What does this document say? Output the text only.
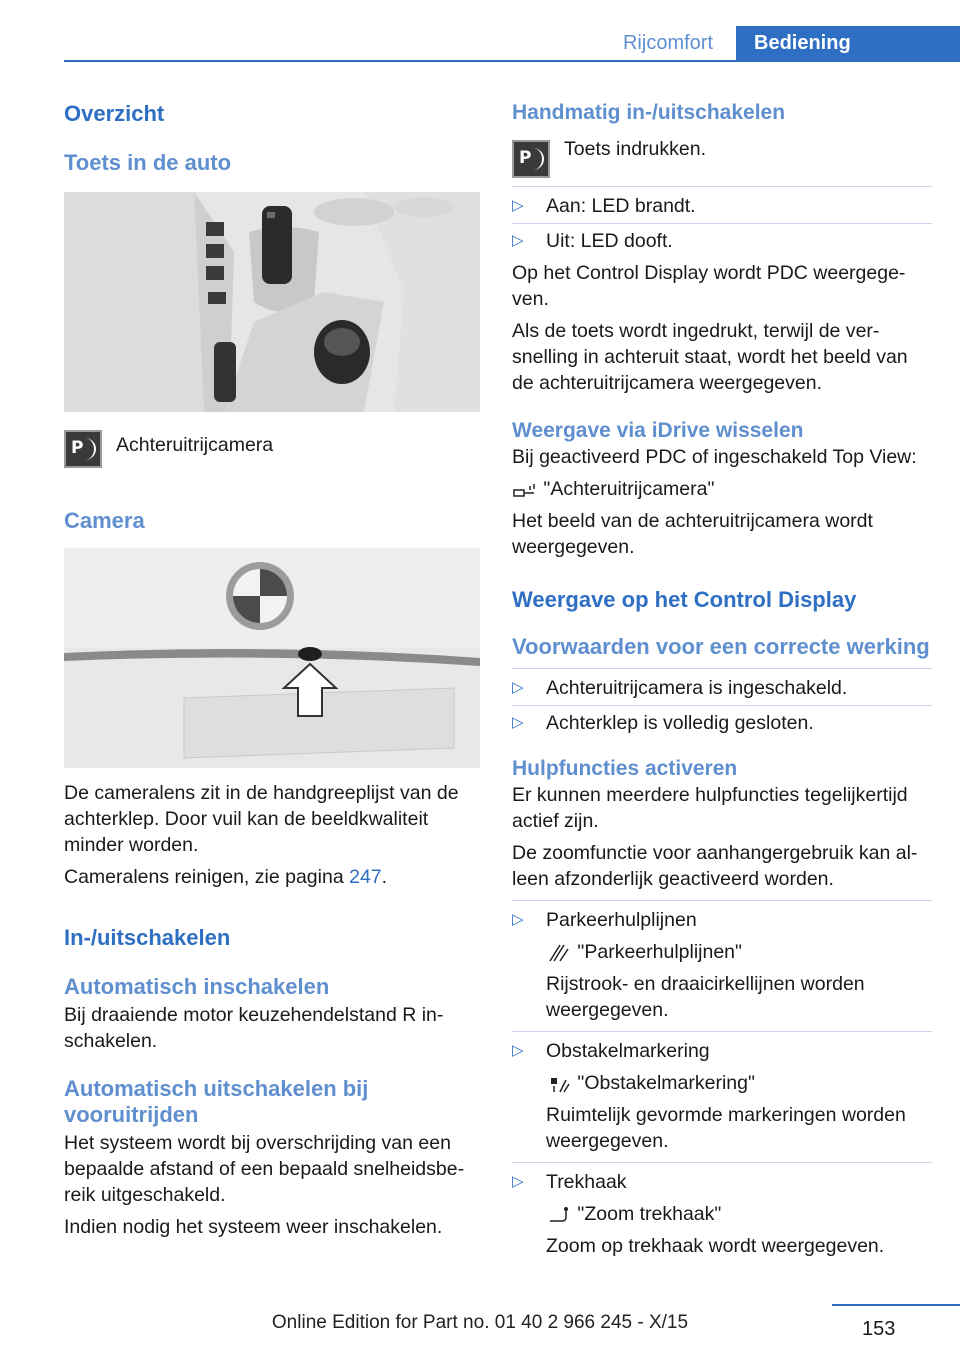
Rijcomfort	Bediening
Overzicht
Toets in de auto
P Achteruitrijcamera
Camera
De cameralens zit in de handgreeplijst van de achterklep. Door vuil kan de beeldkwaliteit minder worden.
Cameralens reinigen, zie pagina 247.
In-/uitschakelen
Automatisch inschakelen
Bij draaiende motor keuzehendelstand R in-schakelen.
Automatisch uitschakelen bij vooruitrijden
Het systeem wordt bij overschrijding van een bepaalde afstand of een bepaald snelheidsbe-reik uitgeschakeld.
Indien nodig het systeem weer inschakelen.
Handmatig in-/uitschakelen
P Toets indrukken.
▷	Aan: LED brandt.
▷	Uit: LED dooft.
Op het Control Display wordt PDC weergege-ven.
Als de toets wordt ingedrukt, terwijl de ver-snelling in achteruit staat, wordt het beeld van de achteruitrijcamera weergegeven.
Weergave via iDrive wisselen
Bij geactiveerd PDC of ingeschakeld Top View:
"Achteruitrijcamera"
Het beeld van de achteruitrijcamera wordt weergegeven.
Weergave op het Control Display
Voorwaarden voor een correcte werking
▷	Achteruitrijcamera is ingeschakeld.
▷	Achterklep is volledig gesloten.
Hulpfuncties activeren
Er kunnen meerdere hulpfuncties tegelijkertijd actief zijn.
De zoomfunctie voor aanhangergebruik kan al-leen afzonderlijk geactiveerd worden.
▷	Parkeerhulplijnen
"Parkeerhulplijnen"
Rijstrook- en draaicirkellijnen worden weergegeven.
▷	Obstakelmarkering
"Obstakelmarkering"
Ruimtelijk gevormde markeringen worden weergegeven.
▷	Trekhaak
"Zoom trekhaak"
Zoom op trekhaak wordt weergegeven.
153
Online Edition for Part no. 01 40 2 966 245 - X/15
